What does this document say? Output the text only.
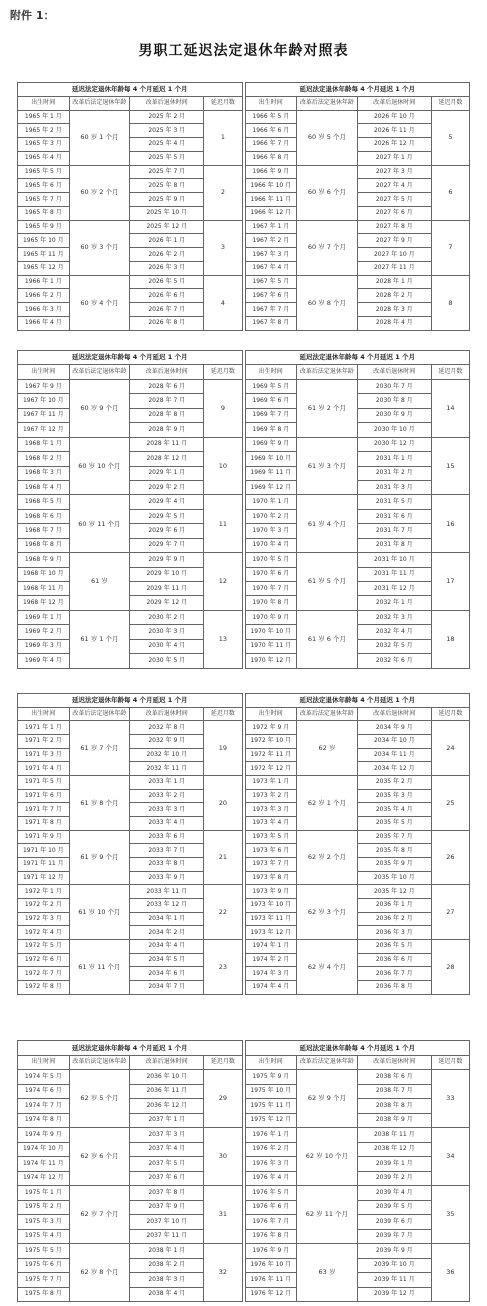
附件 1：

男职工延迟法定退休年龄对照表
延迟法定退休年龄每 4 个月延迟 1 个月			
出生时间	改革后法定退休年龄	改革后退休时间	延迟月数
1965 年 1 月	60 岁 1 个月	2025 年 2 月	1
1965 年 2 月		2025 年 3 月	
1965 年 3 月		2025 年 4 月	
1965 年 4 月		2025 年 5 月	
1965 年 5 月	60 岁 2 个月	2025 年 7 月	2
1965 年 6 月		2025 年 8 月	
1965 年 7 月		2025 年 9 月	
1965 年 8 月		2025 年 10 月	
1965 年 9 月	60 岁 3 个月	2025 年 12 月	3
1965 年 10 月		2026 年 1 月	
1965 年 11 月		2026 年 2 月	
1965 年 12 月		2026 年 3 月	
1966 年 1 月	60 岁 4 个月	2026 年 5 月	4
1966 年 2 月		2026 年 6 月	
1966 年 3 月		2026 年 7 月	
1966 年 4 月		2026 年 8 月	
延迟法定退休年龄每 4 个月延迟 1 个月			
出生时间	改革后法定退休年龄	改革后退休时间	延迟月数
1966 年 5 月	60 岁 5 个月	2026 年 10 月	5
1966 年 6 月		2026 年 11 月	
1966 年 7 月		2026 年 12 月	
1966 年 8 月		2027 年 1 月	
1966 年 9 月	60 岁 6 个月	2027 年 3 月	6
1966 年 10 月		2027 年 4 月	
1966 年 11 月		2027 年 5 月	
1966 年 12 月		2027 年 6 月	
1967 年 1 月	60 岁 7 个月	2027 年 8 月	7
1967 年 2 月		2027 年 9 月	
1967 年 3 月		2027 年 10 月	
1967 年 4 月		2027 年 11 月	
1967 年 5 月	60 岁 8 个月	2028 年 1 月	8
1967 年 6 月		2028 年 2 月	
1967 年 7 月		2028 年 3 月	
1967 年 8 月		2028 年 4 月	
延迟法定退休年龄每 4 个月延迟 1 个月			
出生时间	改革后法定退休年龄	改革后退休时间	延迟月数
1967 年 9 月	60 岁 9 个月	2028 年 6 月	9
1967 年 10 月		2028 年 7 月	
1967 年 11 月		2028 年 8 月	
1967 年 12 月		2028 年 9 月	
1968 年 1 月	60 岁 10 个月	2028 年 11 月	10
1968 年 2 月		2028 年 12 月	
1968 年 3 月		2029 年 1 月	
1968 年 4 月		2029 年 2 月	
1968 年 5 月	60 岁 11 个月	2029 年 4 月	11
1968 年 6 月		2029 年 5 月	
1968 年 7 月		2029 年 6 月	
1968 年 8 月		2029 年 7 月	
1968 年 9 月	61 岁	2029 年 9 月	12
1968 年 10 月		2029 年 10 月	
1968 年 11 月		2029 年 11 月	
1968 年 12 月		2029 年 12 月	
1969 年 1 月	61 岁 1 个月	2030 年 2 月	13
1969 年 2 月		2030 年 3 月	
1969 年 3 月		2030 年 4 月	
1969 年 4 月		2030 年 5 月	
延迟法定退休年龄每 4 个月延迟 1 个月			
出生时间	改革后法定退休年龄	改革后退休时间	延迟月数
1969 年 5 月	61 岁 2 个月	2030 年 7 月	14
1969 年 6 月		2030 年 8 月	
1969 年 7 月		2030 年 9 月	
1969 年 8 月		2030 年 10 月	
1969 年 9 月	61 岁 3 个月	2030 年 12 月	15
1969 年 10 月		2031 年 1 月	
1969 年 11 月		2031 年 2 月	
1969 年 12 月		2031 年 3 月	
1970 年 1 月	61 岁 4 个月	2031 年 5 月	16
1970 年 2 月		2031 年 6 月	
1970 年 3 月		2031 年 7 月	
1970 年 4 月		2031 年 8 月	
1970 年 5 月	61 岁 5 个月	2031 年 10 月	17
1970 年 6 月		2031 年 11 月	
1970 年 7 月		2031 年 12 月	
1970 年 8 月		2032 年 1 月	
1970 年 9 月	61 岁 6 个月	2032 年 3 月	18
1970 年 10 月		2032 年 4 月	
1970 年 11 月		2032 年 5 月	
1970 年 12 月		2032 年 6 月	
延迟法定退休年龄每 4 个月延迟 1 个月			
出生时间	改革后法定退休年龄	改革后退休时间	延迟月数
1971 年 1 月	61 岁 7 个月	2032 年 8 月	19
1971 年 2 月		2032 年 9 月	
1971 年 3 月		2032 年 10 月	
1971 年 4 月		2032 年 11 月	
1971 年 5 月	61 岁 8 个月	2033 年 1 月	20
1971 年 6 月		2033 年 2 月	
1971 年 7 月		2033 年 3 月	
1971 年 8 月		2033 年 4 月	
1971 年 9 月	61 岁 9 个月	2033 年 6 月	21
1971 年 10 月		2033 年 7 月	
1971 年 11 月		2033 年 8 月	
1971 年 12 月		2033 年 9 月	
1972 年 1 月	61 岁 10 个月	2033 年 11 月	22
1972 年 2 月		2033 年 12 月	
1972 年 3 月		2034 年 1 月	
1972 年 4 月		2034 年 2 月	
1972 年 5 月	61 岁 11 个月	2034 年 4 月	23
1972 年 6 月		2034 年 5 月	
1972 年 7 月		2034 年 6 月	
1972 年 8 月		2034 年 7 月	
延迟法定退休年龄每 4 个月延迟 1 个月			
出生时间	改革后法定退休年龄	改革后退休时间	延迟月数
1972 年 9 月	62 岁	2034 年 9 月	24
1972 年 10 月		2034 年 10 月	
1972 年 11 月		2034 年 11 月	
1972 年 12 月		2034 年 12 月	
1973 年 1 月	62 岁 1 个月	2035 年 2 月	25
1973 年 2 月		2035 年 3 月	
1973 年 3 月		2035 年 4 月	
1973 年 4 月		2035 年 5 月	
1973 年 5 月	62 岁 2 个月	2035 年 7 月	26
1973 年 6 月		2035 年 8 月	
1973 年 7 月		2035 年 9 月	
1973 年 8 月		2035 年 10 月	
1973 年 9 月	62 岁 3 个月	2035 年 12 月	27
1973 年 10 月		2036 年 1 月	
1973 年 11 月		2036 年 2 月	
1973 年 12 月		2036 年 3 月	
1974 年 1 月	62 岁 4 个月	2036 年 5 月	28
1974 年 2 月		2036 年 6 月	
1974 年 3 月		2036 年 7 月	
1974 年 4 月		2036 年 8 月	
延迟法定退休年龄每 4 个月延迟 1 个月			
出生时间	改革后法定退休年龄	改革后退休时间	延迟月数
1974 年 5 月	62 岁 5 个月	2036 年 10 月	29
1974 年 6 月		2036 年 11 月	
1974 年 7 月		2036 年 12 月	
1974 年 8 月		2037 年 1 月	
1974 年 9 月	62 岁 6 个月	2037 年 3 月	30
1974 年 10 月		2037 年 4 月	
1974 年 11 月		2037 年 5 月	
1974 年 12 月		2037 年 6 月	
1975 年 1 月	62 岁 7 个月	2037 年 8 月	31
1975 年 2 月		2037 年 9 月	
1975 年 3 月		2037 年 10 月	
1975 年 4 月		2037 年 11 月	
1975 年 5 月	62 岁 8 个月	2038 年 1 月	32
1975 年 6 月		2038 年 2 月	
1975 年 7 月		2038 年 3 月	
1975 年 8 月		2038 年 4 月	
延迟法定退休年龄每 4 个月延迟 1 个月			
出生时间	改革后法定退休年龄	改革后退休时间	延迟月数
1975 年 9 月	62 岁 9 个月	2038 年 6 月	33
1975 年 10 月		2038 年 7 月	
1975 年 11 月		2038 年 8 月	
1975 年 12 月		2038 年 9 月	
1976 年 1 月	62 岁 10 个月	2038 年 11 月	34
1976 年 2 月		2038 年 12 月	
1976 年 3 月		2039 年 1 月	
1976 年 4 月		2039 年 2 月	
1976 年 5 月	62 岁 11 个月	2039 年 4 月	35
1976 年 6 月		2039 年 5 月	
1976 年 7 月		2039 年 6 月	
1976 年 8 月		2039 年 7 月	
1976 年 9 月	63 岁	2039 年 9 月	36
1976 年 10 月		2039 年 10 月	
1976 年 11 月		2039 年 11 月	
1976 年 12 月		2039 年 12 月	
